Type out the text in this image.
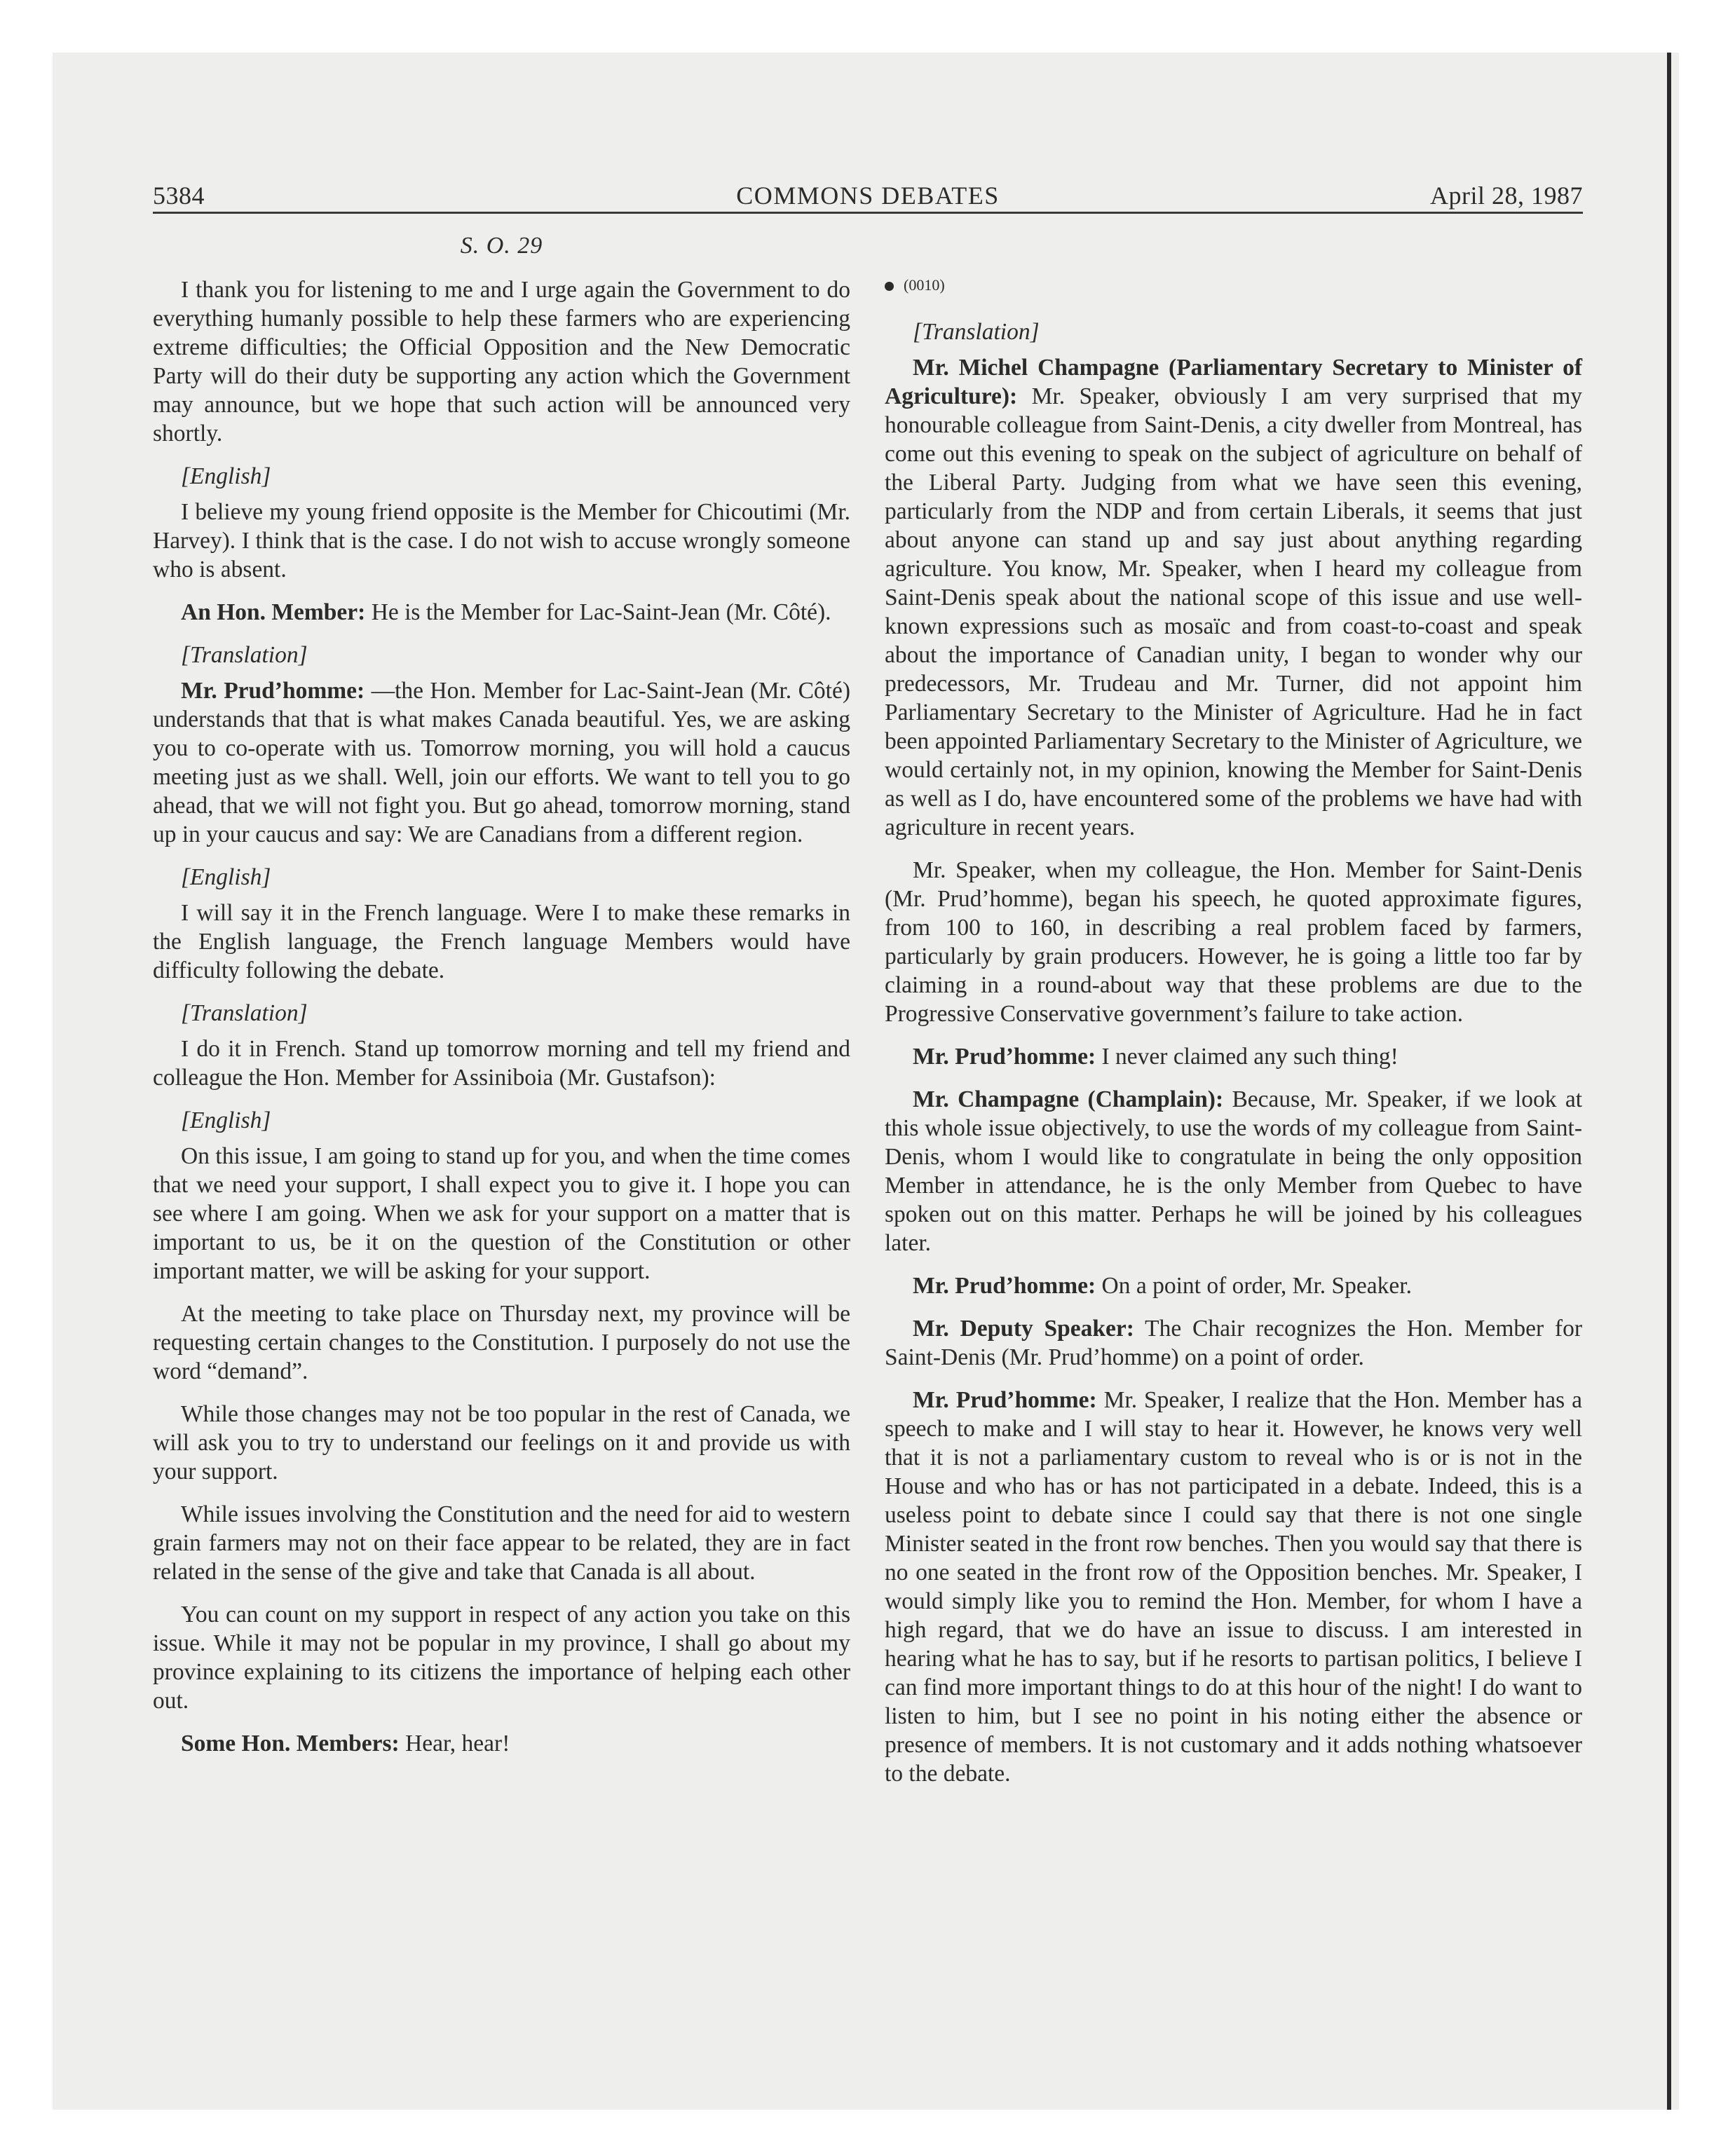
5384	COMMONS DEBATES	April 28, 1987
S. O. 29

I thank you for listening to me and I urge again the Government to do everything humanly possible to help these farmers who are experiencing extreme difficulties; the Official Opposition and the New Democratic Party will do their duty be supporting any action which the Government may announce, but we hope that such action will be announced very shortly.

[English]

I believe my young friend opposite is the Member for Chicoutimi (Mr. Harvey). I think that is the case. I do not wish to accuse wrongly someone who is absent.

An Hon. Member: He is the Member for Lac-Saint-Jean (Mr. Côté).

[Translation]

Mr. Prud’homme: —the Hon. Member for Lac-Saint-Jean (Mr. Côté) understands that that is what makes Canada beautiful. Yes, we are asking you to co-operate with us. Tomorrow morning, you will hold a caucus meeting just as we shall. Well, join our efforts. We want to tell you to go ahead, that we will not fight you. But go ahead, tomorrow morning, stand up in your caucus and say: We are Canadians from a different region.

[English]

I will say it in the French language. Were I to make these remarks in the English language, the French language Members would have difficulty following the debate.

[Translation]

I do it in French. Stand up tomorrow morning and tell my friend and colleague the Hon. Member for Assiniboia (Mr. Gustafson):

[English]

On this issue, I am going to stand up for you, and when the time comes that we need your support, I shall expect you to give it. I hope you can see where I am going. When we ask for your support on a matter that is important to us, be it on the question of the Constitution or other important matter, we will be asking for your support.

At the meeting to take place on Thursday next, my province will be requesting certain changes to the Constitution. I purposely do not use the word “demand”.

While those changes may not be too popular in the rest of Canada, we will ask you to try to understand our feelings on it and provide us with your support.

While issues involving the Constitution and the need for aid to western grain farmers may not on their face appear to be related, they are in fact related in the sense of the give and take that Canada is all about.

You can count on my support in respect of any action you take on this issue. While it may not be popular in my province, I shall go about my province explaining to its citizens the importance of helping each other out.

Some Hon. Members: Hear, hear!

(0010)

[Translation]

Mr. Michel Champagne (Parliamentary Secretary to Minister of Agriculture): Mr. Speaker, obviously I am very surprised that my honourable colleague from Saint-Denis, a city dweller from Montreal, has come out this evening to speak on the subject of agriculture on behalf of the Liberal Party. Judging from what we have seen this evening, particularly from the NDP and from certain Liberals, it seems that just about anyone can stand up and say just about anything regarding agriculture. You know, Mr. Speaker, when I heard my colleague from Saint-Denis speak about the national scope of this issue and use well-known expressions such as mosaïc and from coast-to-coast and speak about the importance of Canadian unity, I began to wonder why our predecessors, Mr. Trudeau and Mr. Turner, did not appoint him Parliamentary Secretary to the Minister of Agriculture. Had he in fact been appointed Parliamentary Secretary to the Minister of Agriculture, we would certainly not, in my opinion, knowing the Member for Saint-Denis as well as I do, have encountered some of the problems we have had with agriculture in recent years.

Mr. Speaker, when my colleague, the Hon. Member for Saint-Denis (Mr. Prud’homme), began his speech, he quoted approximate figures, from 100 to 160, in describing a real problem faced by farmers, particularly by grain producers. However, he is going a little too far by claiming in a round-about way that these problems are due to the Progressive Conservative government’s failure to take action.

Mr. Prud’homme: I never claimed any such thing!

Mr. Champagne (Champlain): Because, Mr. Speaker, if we look at this whole issue objectively, to use the words of my colleague from Saint-Denis, whom I would like to congratulate in being the only opposition Member in attendance, he is the only Member from Quebec to have spoken out on this matter. Perhaps he will be joined by his colleagues later.

Mr. Prud’homme: On a point of order, Mr. Speaker.

Mr. Deputy Speaker: The Chair recognizes the Hon. Member for Saint-Denis (Mr. Prud’homme) on a point of order.

Mr. Prud’homme: Mr. Speaker, I realize that the Hon. Member has a speech to make and I will stay to hear it. However, he knows very well that it is not a parliamentary custom to reveal who is or is not in the House and who has or has not participated in a debate. Indeed, this is a useless point to debate since I could say that there is not one single Minister seated in the front row benches. Then you would say that there is no one seated in the front row of the Opposition benches. Mr. Speaker, I would simply like you to remind the Hon. Member, for whom I have a high regard, that we do have an issue to discuss. I am interested in hearing what he has to say, but if he resorts to partisan politics, I believe I can find more important things to do at this hour of the night! I do want to listen to him, but I see no point in his noting either the absence or presence of members. It is not customary and it adds nothing whatsoever to the debate.
